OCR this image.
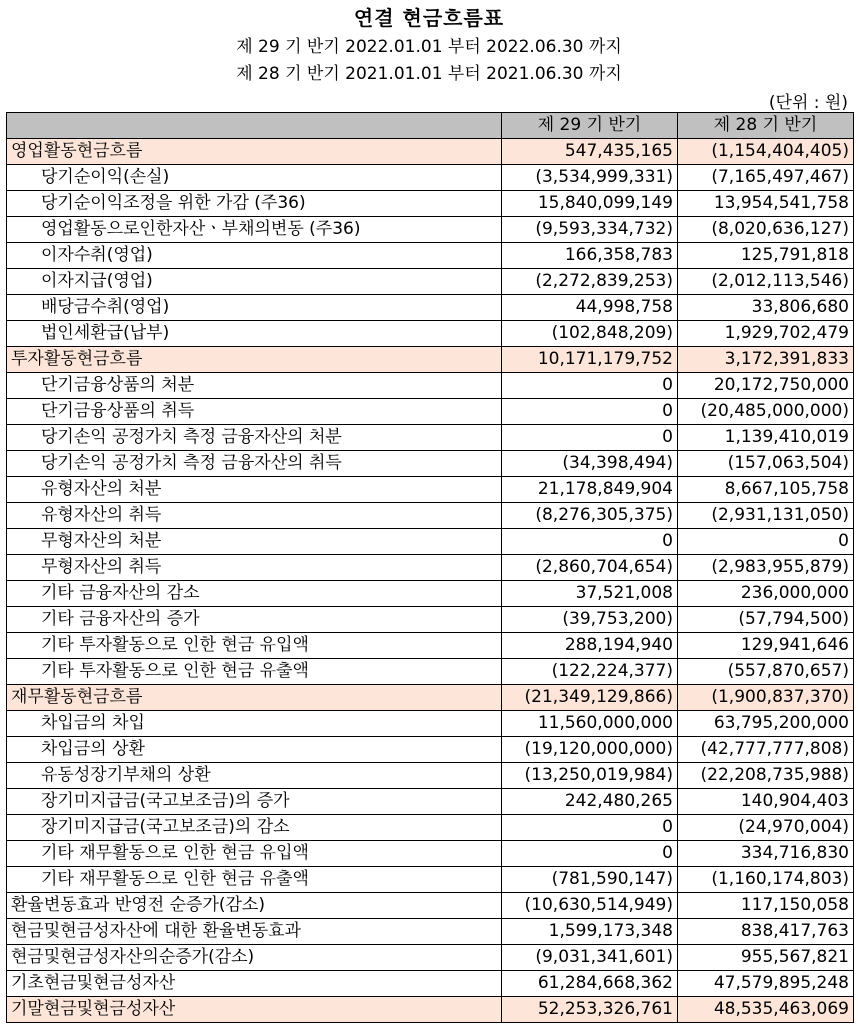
연결 현금흐름표
제 29 기 반기 2022.01.01 부터 2022.06.30 까지
제 28 기 반기 2021.01.01 부터 2021.06.30 까지
(단위 : 원)
	제 29 기 반기	제 28 기 반기
영업활동현금흐름	547,435,165	(1,154,404,405)
당기순이익(손실)	(3,534,999,331)	(7,165,497,467)
당기순이익조정을 위한 가감 (주36)	15,840,099,149	13,954,541,758
영업활동으로인한자산ㆍ부채의변동 (주36)	(9,593,334,732)	(8,020,636,127)
이자수취(영업)	166,358,783	125,791,818
이자지급(영업)	(2,272,839,253)	(2,012,113,546)
배당금수취(영업)	44,998,758	33,806,680
법인세환급(납부)	(102,848,209)	1,929,702,479
투자활동현금흐름	10,171,179,752	3,172,391,833
단기금융상품의 처분	0	20,172,750,000
단기금융상품의 취득	0	(20,485,000,000)
당기손익 공정가치 측정 금융자산의 처분	0	1,139,410,019
당기손익 공정가치 측정 금융자산의 취득	(34,398,494)	(157,063,504)
유형자산의 처분	21,178,849,904	8,667,105,758
유형자산의 취득	(8,276,305,375)	(2,931,131,050)
무형자산의 처분	0	0
무형자산의 취득	(2,860,704,654)	(2,983,955,879)
기타 금융자산의 감소	37,521,008	236,000,000
기타 금융자산의 증가	(39,753,200)	(57,794,500)
기타 투자활동으로 인한 현금 유입액	288,194,940	129,941,646
기타 투자활동으로 인한 현금 유출액	(122,224,377)	(557,870,657)
재무활동현금흐름	(21,349,129,866)	(1,900,837,370)
차입금의 차입	11,560,000,000	63,795,200,000
차입금의 상환	(19,120,000,000)	(42,777,777,808)
유동성장기부채의 상환	(13,250,019,984)	(22,208,735,988)
장기미지급금(국고보조금)의 증가	242,480,265	140,904,403
장기미지급금(국고보조금)의 감소	0	(24,970,004)
기타 재무활동으로 인한 현금 유입액	0	334,716,830
기타 재무활동으로 인한 현금 유출액	(781,590,147)	(1,160,174,803)
환율변동효과 반영전 순증가(감소)	(10,630,514,949)	117,150,058
현금및현금성자산에 대한 환율변동효과	1,599,173,348	838,417,763
현금및현금성자산의순증가(감소)	(9,031,341,601)	955,567,821
기초현금및현금성자산	61,284,668,362	47,579,895,248
기말현금및현금성자산	52,253,326,761	48,535,463,069
